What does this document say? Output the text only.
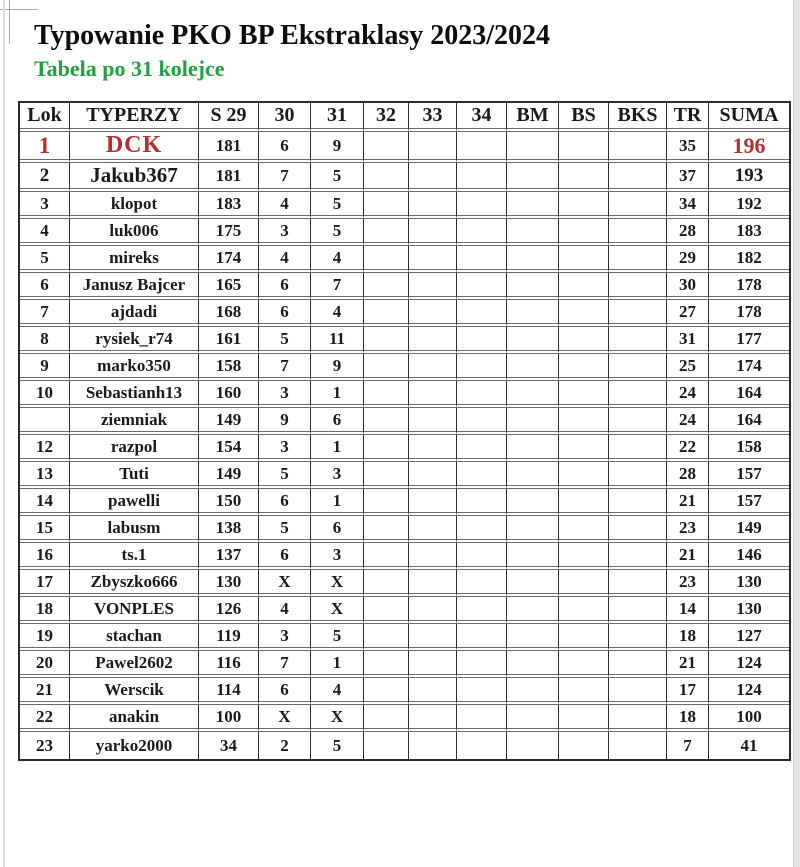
Typowanie PKO BP Ekstraklasy 2023/2024
Tabela po 31 kolejce
Lok	TYPERZY	S 29	30	31	32	33	34	BM	BS	BKS	TR	SUMA
1	DCK	181	6	9							35	196
2	Jakub367	181	7	5							37	193
3	klopot	183	4	5							34	192
4	luk006	175	3	5							28	183
5	mireks	174	4	4							29	182
6	Janusz Bajcer	165	6	7							30	178
7	ajdadi	168	6	4							27	178
8	rysiek_r74	161	5	11							31	177
9	marko350	158	7	9							25	174
10	Sebastianh13	160	3	1							24	164
	ziemniak	149	9	6							24	164
12	razpol	154	3	1							22	158
13	Tuti	149	5	3							28	157
14	pawelli	150	6	1							21	157
15	labusm	138	5	6							23	149
16	ts.1	137	6	3							21	146
17	Zbyszko666	130	X	X							23	130
18	VONPLES	126	4	X							14	130
19	stachan	119	3	5							18	127
20	Pawel2602	116	7	1							21	124
21	Werscik	114	6	4							17	124
22	anakin	100	X	X							18	100
23	yarko2000	34	2	5							7	41
